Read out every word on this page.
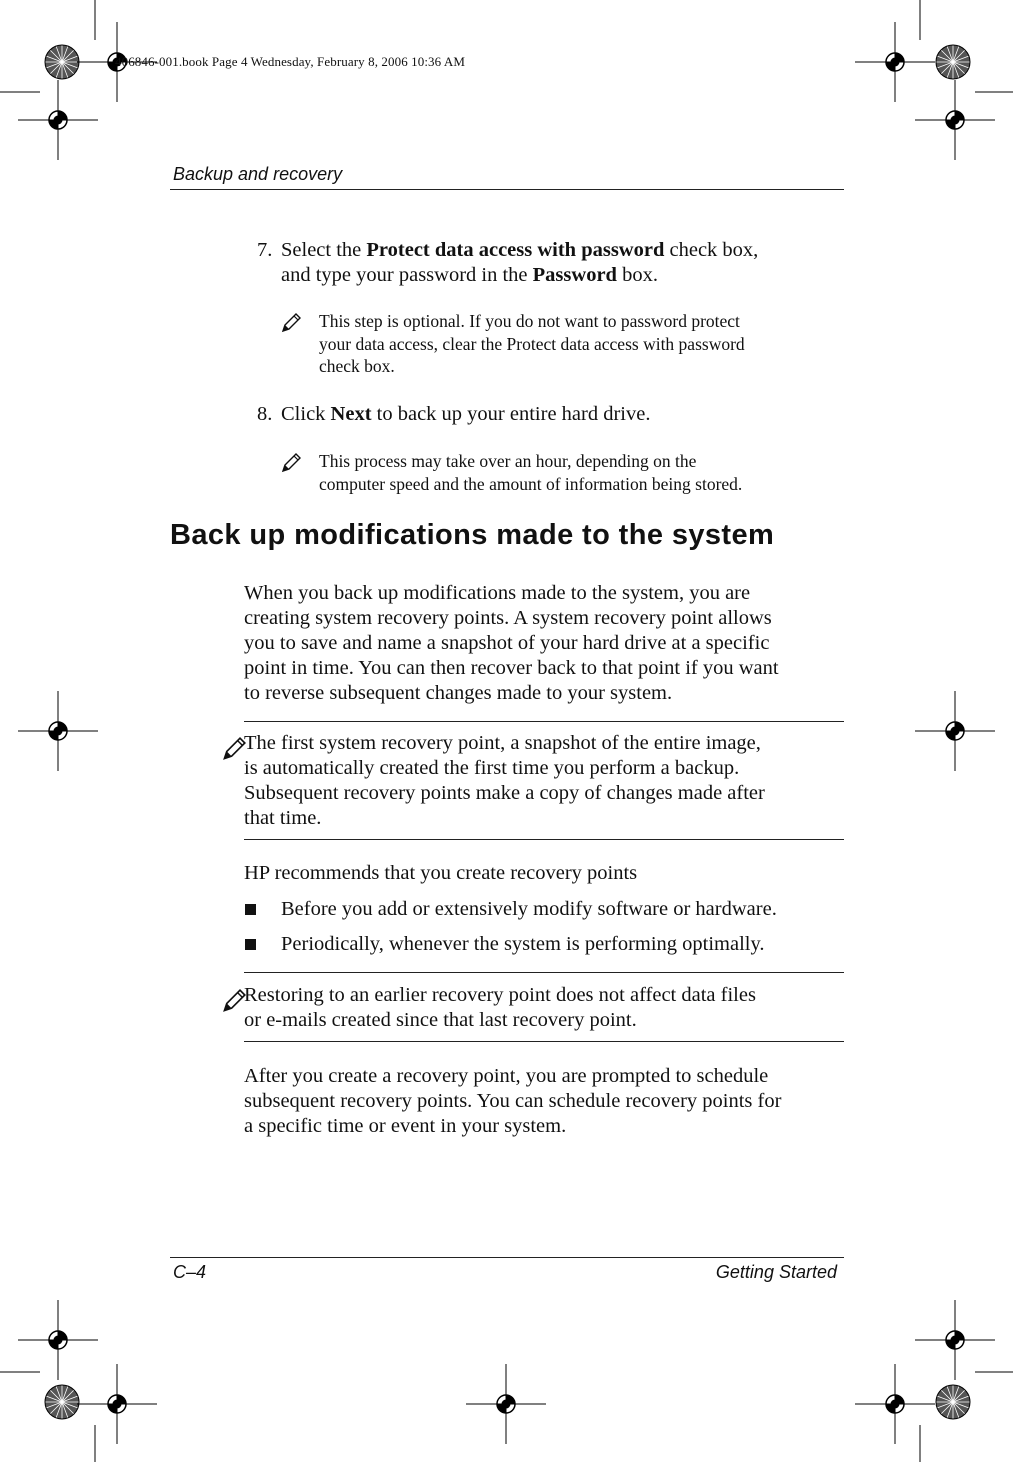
406846-001.book Page 4 Wednesday, February 8, 2006 10:36 AM
Backup and recovery
7. Select the Protect data access with password check box,
and type your password in the Password box.
This step is optional. If you do not want to password protect
your data access, clear the Protect data access with password
check box.
8. Click Next to back up your entire hard drive.
This process may take over an hour, depending on the
computer speed and the amount of information being stored.
Back up modifications made to the system
When you back up modifications made to the system, you are
creating system recovery points. A system recovery point allows
you to save and name a snapshot of your hard drive at a specific
point in time. You can then recover back to that point if you want
to reverse subsequent changes made to your system.
The first system recovery point, a snapshot of the entire image,
is automatically created the first time you perform a backup.
Subsequent recovery points make a copy of changes made after
that time.
HP recommends that you create recovery points
Before you add or extensively modify software or hardware.
Periodically, whenever the system is performing optimally.
Restoring to an earlier recovery point does not affect data files
or e-mails created since that last recovery point.
After you create a recovery point, you are prompted to schedule
subsequent recovery points. You can schedule recovery points for
a specific time or event in your system.
C–4	Getting Started
